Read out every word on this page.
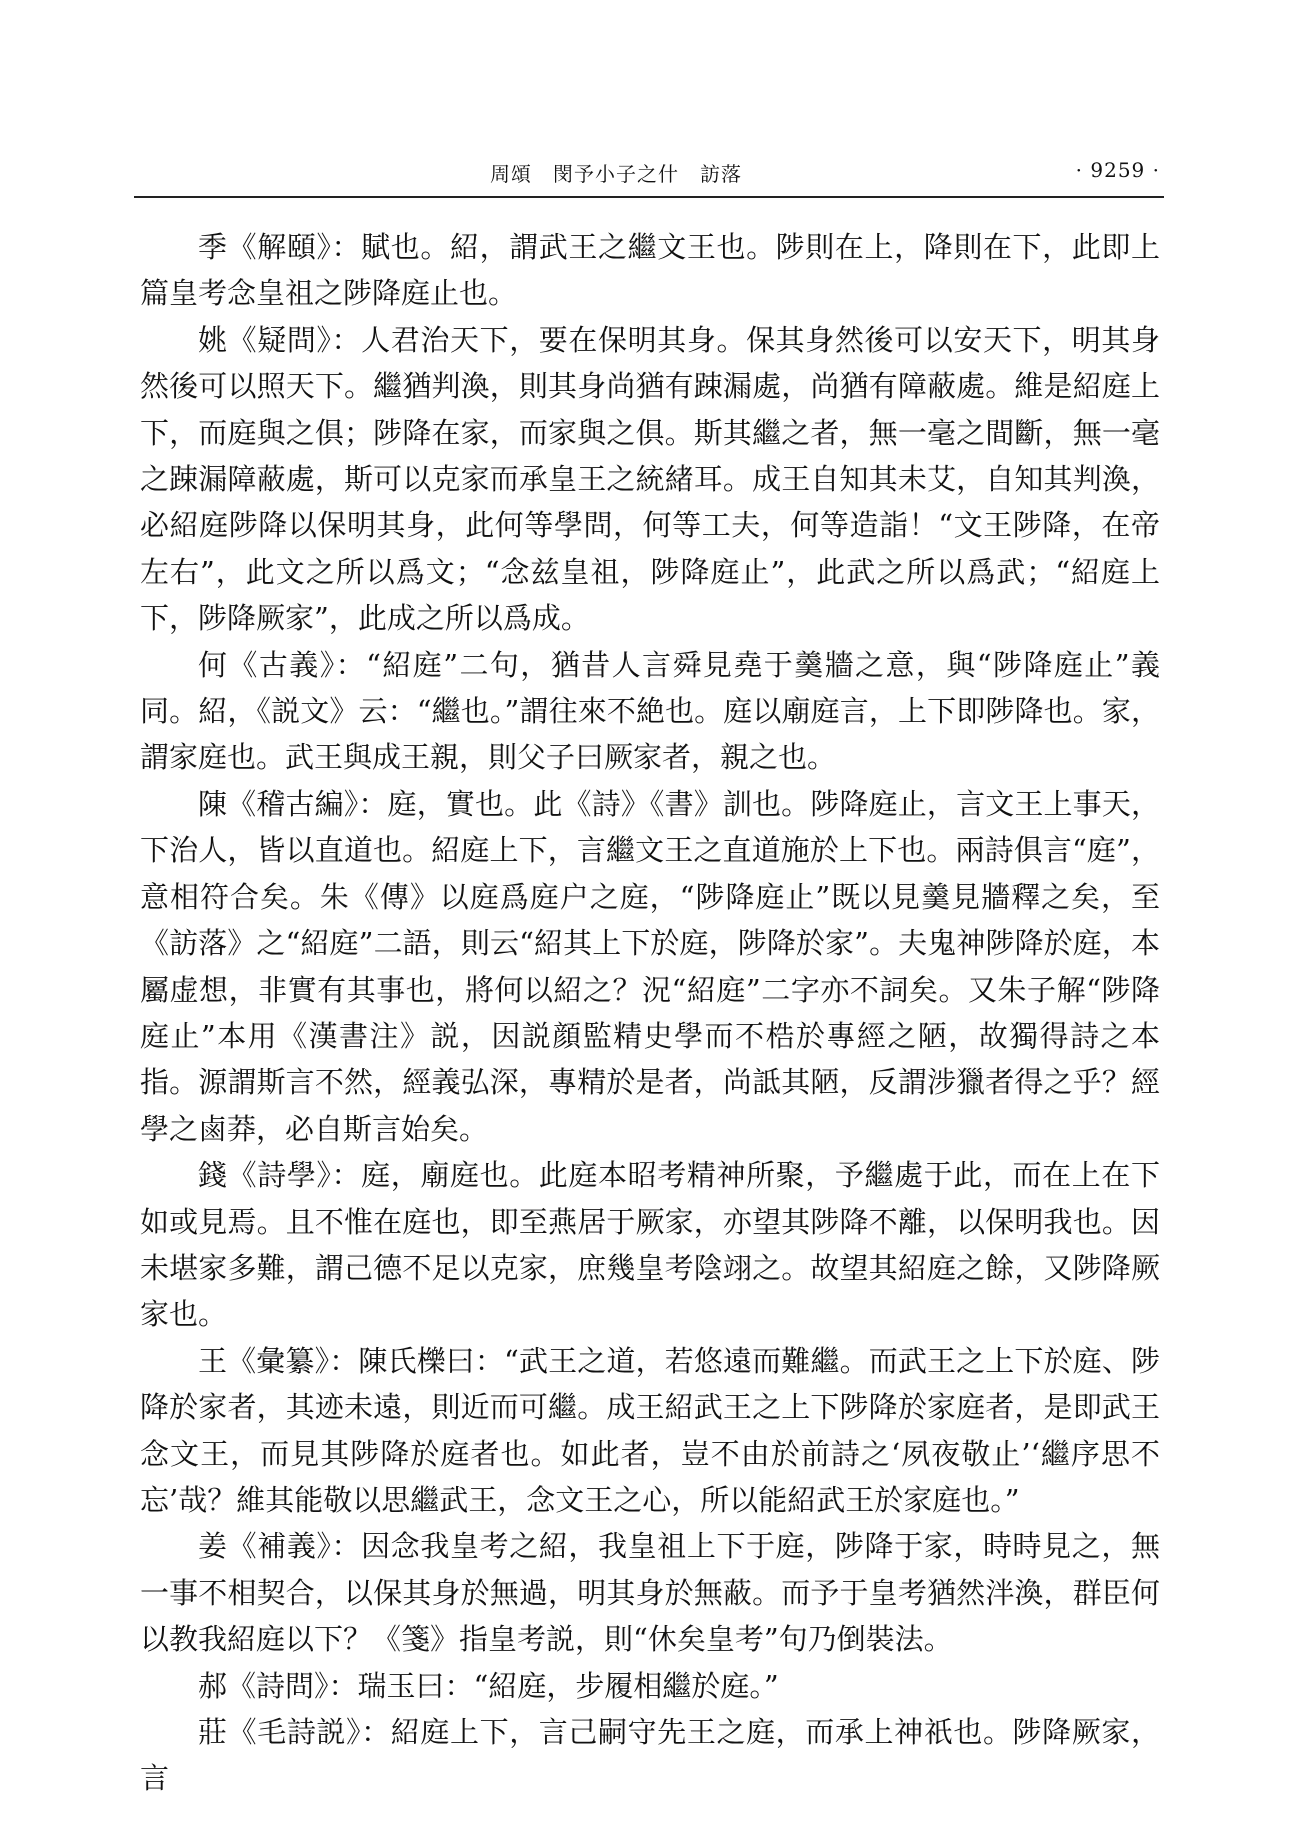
周頌　閔予小子之什　訪落	· 9259 ·

季《解頤》：賦也。紹，謂武王之繼文王也。陟則在上，降則在下，此即上篇皇考念皇祖之陟降庭止也。

姚《疑問》：人君治天下，要在保明其身。保其身然後可以安天下，明其身然後可以照天下。繼猶判渙，則其身尚猶有踈漏處，尚猶有障蔽處。維是紹庭上下，而庭與之俱；陟降在家，而家與之俱。斯其繼之者，無一毫之間斷，無一毫之踈漏障蔽處，斯可以克家而承皇王之統緒耳。成王自知其未艾，自知其判渙，必紹庭陟降以保明其身，此何等學問，何等工夫，何等造詣！“文王陟降，在帝左右”，此文之所以爲文；“念兹皇祖，陟降庭止”，此武之所以爲武；“紹庭上下，陟降厥家”，此成之所以爲成。

何《古義》：“紹庭”二句，猶昔人言舜見堯于羹牆之意，與“陟降庭止”義同。紹，《説文》云：“繼也。”謂往來不絶也。庭以廟庭言，上下即陟降也。家，謂家庭也。武王與成王親，則父子曰厥家者，親之也。

陳《稽古編》：庭，實也。此《詩》《書》訓也。陟降庭止，言文王上事天，下治人，皆以直道也。紹庭上下，言繼文王之直道施於上下也。兩詩俱言“庭”，意相符合矣。朱《傳》以庭爲庭户之庭，“陟降庭止”既以見羹見牆釋之矣，至《訪落》之“紹庭”二語，則云“紹其上下於庭，陟降於家”。夫鬼神陟降於庭，本屬虚想，非實有其事也，將何以紹之？況“紹庭”二字亦不詞矣。又朱子解“陟降庭止”本用《漢書注》説，因説顔監精史學而不梏於專經之陋，故獨得詩之本指。源謂斯言不然，經義弘深，專精於是者，尚詆其陋，反謂涉獵者得之乎？經學之鹵莽，必自斯言始矣。

錢《詩學》：庭，廟庭也。此庭本昭考精神所聚，予繼處于此，而在上在下如或見焉。且不惟在庭也，即至燕居于厥家，亦望其陟降不離，以保明我也。因未堪家多難，謂己德不足以克家，庶幾皇考陰翊之。故望其紹庭之餘，又陟降厥家也。

王《彙纂》：陳氏櫟曰：“武王之道，若悠遠而難繼。而武王之上下於庭、陟降於家者，其迹未遠，則近而可繼。成王紹武王之上下陟降於家庭者，是即武王念文王，而見其陟降於庭者也。如此者，豈不由於前詩之‘夙夜敬止’‘繼序思不忘’哉？維其能敬以思繼武王，念文王之心，所以能紹武王於家庭也。”

姜《補義》：因念我皇考之紹，我皇祖上下于庭，陟降于家，時時見之，無一事不相契合，以保其身於無過，明其身於無蔽。而予于皇考猶然泮渙，群臣何以教我紹庭以下？《箋》指皇考説，則“休矣皇考”句乃倒裝法。

郝《詩問》：瑞玉曰：“紹庭，步履相繼於庭。”

莊《毛詩説》：紹庭上下，言己嗣守先王之庭，而承上神祇也。陟降厥家，言
